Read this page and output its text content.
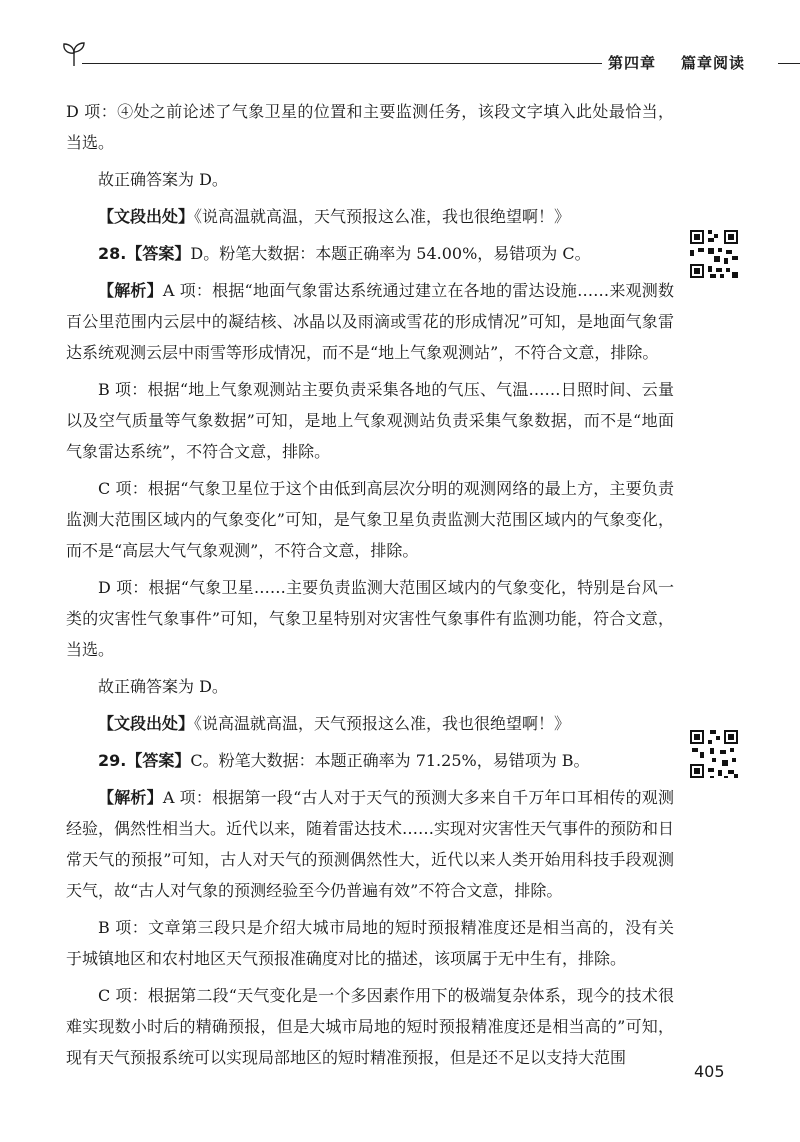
第四章 篇章阅读

D 项：④处之前论述了气象卫星的位置和主要监测任务，该段文字填入此处最恰当，当选。

故正确答案为 D。

【文段出处】《说高温就高温，天气预报这么准，我也很绝望啊！》

28.【答案】D。粉笔大数据：本题正确率为 54.00%，易错项为 C。

【解析】A 项：根据“地面气象雷达系统通过建立在各地的雷达设施……来观测数百公里范围内云层中的凝结核、冰晶以及雨滴或雪花的形成情况”可知，是地面气象雷达系统观测云层中雨雪等形成情况，而不是“地上气象观测站”，不符合文意，排除。

B 项：根据“地上气象观测站主要负责采集各地的气压、气温……日照时间、云量以及空气质量等气象数据”可知，是地上气象观测站负责采集气象数据，而不是“地面气象雷达系统”，不符合文意，排除。

C 项：根据“气象卫星位于这个由低到高层次分明的观测网络的最上方，主要负责监测大范围区域内的气象变化”可知，是气象卫星负责监测大范围区域内的气象变化，而不是“高层大气气象观测”，不符合文意，排除。

D 项：根据“气象卫星……主要负责监测大范围区域内的气象变化，特别是台风一类的灾害性气象事件”可知，气象卫星特别对灾害性气象事件有监测功能，符合文意，当选。

故正确答案为 D。

【文段出处】《说高温就高温，天气预报这么准，我也很绝望啊！》

29.【答案】C。粉笔大数据：本题正确率为 71.25%，易错项为 B。

【解析】A 项：根据第一段“古人对于天气的预测大多来自千万年口耳相传的观测经验，偶然性相当大。近代以来，随着雷达技术……实现对灾害性天气事件的预防和日常天气的预报”可知，古人对天气的预测偶然性大，近代以来人类开始用科技手段观测天气，故“古人对气象的预测经验至今仍普遍有效”不符合文意，排除。

B 项：文章第三段只是介绍大城市局地的短时预报精准度还是相当高的，没有关于城镇地区和农村地区天气预报准确度对比的描述，该项属于无中生有，排除。

C 项：根据第二段“天气变化是一个多因素作用下的极端复杂体系，现今的技术很难实现数小时后的精确预报，但是大城市局地的短时预报精准度还是相当高的”可知，现有天气预报系统可以实现局部地区的短时精准预报，但是还不足以支持大范围

405
